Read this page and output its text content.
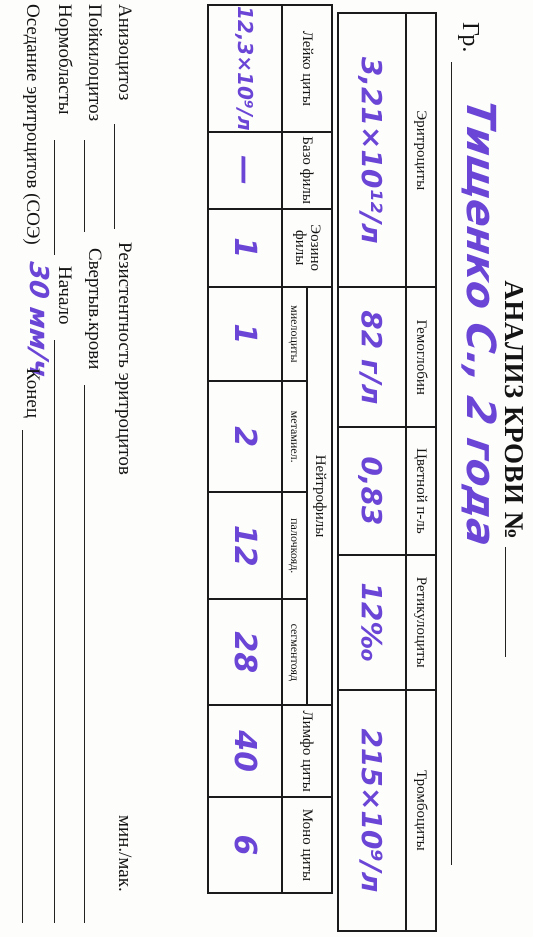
АНАЛИЗ КРОВИ №
Гр.
Тищенко С., 2 года
Эритроциты	Гемоглобин	Цветной п-ль	Ретикулоциты	Тромбоциты
3,21×10¹²/л	82 г/л	0,83	12‰	215×10⁹/л
Лейко циты	Базо филы	Эозино филы	Нейтрофилы				Лимфо циты	Моно циты
			миелоциты	метамиел.	палочкояд.	сегментояд		
12,3×10⁹/л	—	1	1	2	12	28	40	6
Анизоцитоз
Резистентность эритроцитов
мин./мак.
Пойкилоцитоз
Свертыв.крови
Нормобласты
Начало
Оседание эритроцитов (СОЭ)
30 мм/ч
Конец
